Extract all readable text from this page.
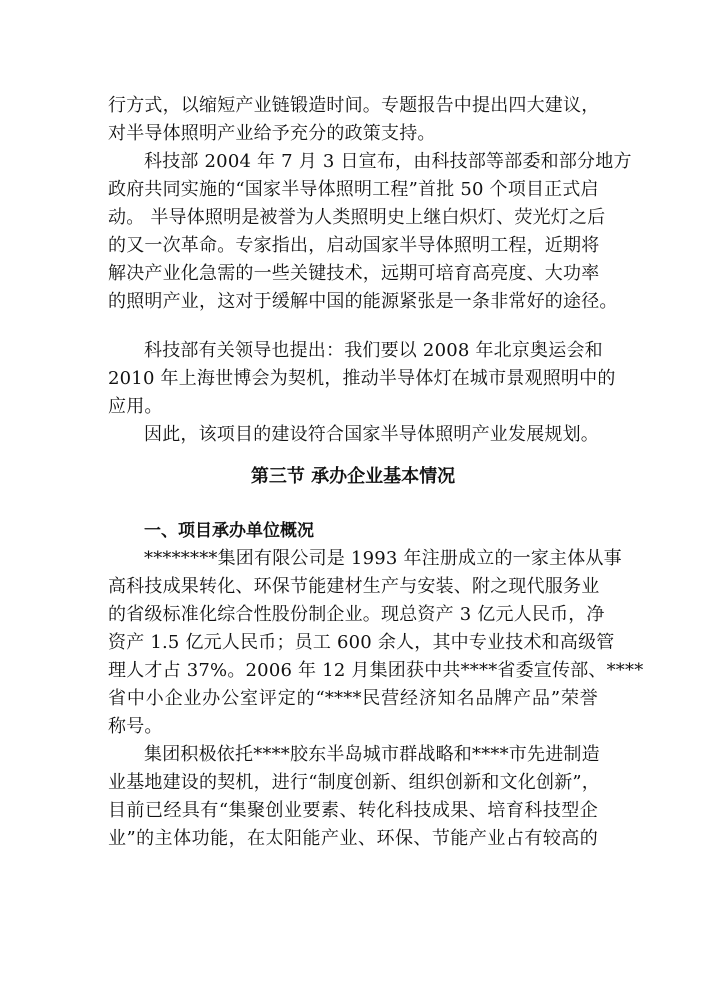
行方式，以缩短产业链锻造时间。专题报告中提出四大建议，
对半导体照明产业给予充分的政策支持。
科技部 2004 年 7 月 3 日宣布，由科技部等部委和部分地方
政府共同实施的“国家半导体照明工程”首批 50 个项目正式启
动。 半导体照明是被誉为人类照明史上继白炽灯、荧光灯之后
的又一次革命。专家指出，启动国家半导体照明工程，近期将
解决产业化急需的一些关键技术，远期可培育高亮度、大功率
的照明产业，这对于缓解中国的能源紧张是一条非常好的途径。
科技部有关领导也提出：我们要以 2008 年北京奥运会和
2010 年上海世博会为契机，推动半导体灯在城市景观照明中的
应用。
因此，该项目的建设符合国家半导体照明产业发展规划。
第三节 承办企业基本情况
一、项目承办单位概况
********集团有限公司是 1993 年注册成立的一家主体从事
高科技成果转化、环保节能建材生产与安装、附之现代服务业
的省级标准化综合性股份制企业。现总资产 3 亿元人民币，净
资产 1.5 亿元人民币；员工 600 余人，其中专业技术和高级管
理人才占 37%。2006 年 12 月集团获中共****省委宣传部、****
省中小企业办公室评定的“****民营经济知名品牌产品”荣誉
称号。
集团积极依托****胶东半岛城市群战略和****市先进制造
业基地建设的契机，进行“制度创新、组织创新和文化创新”，
目前已经具有“集聚创业要素、转化科技成果、培育科技型企
业”的主体功能，在太阳能产业、环保、节能产业占有较高的
